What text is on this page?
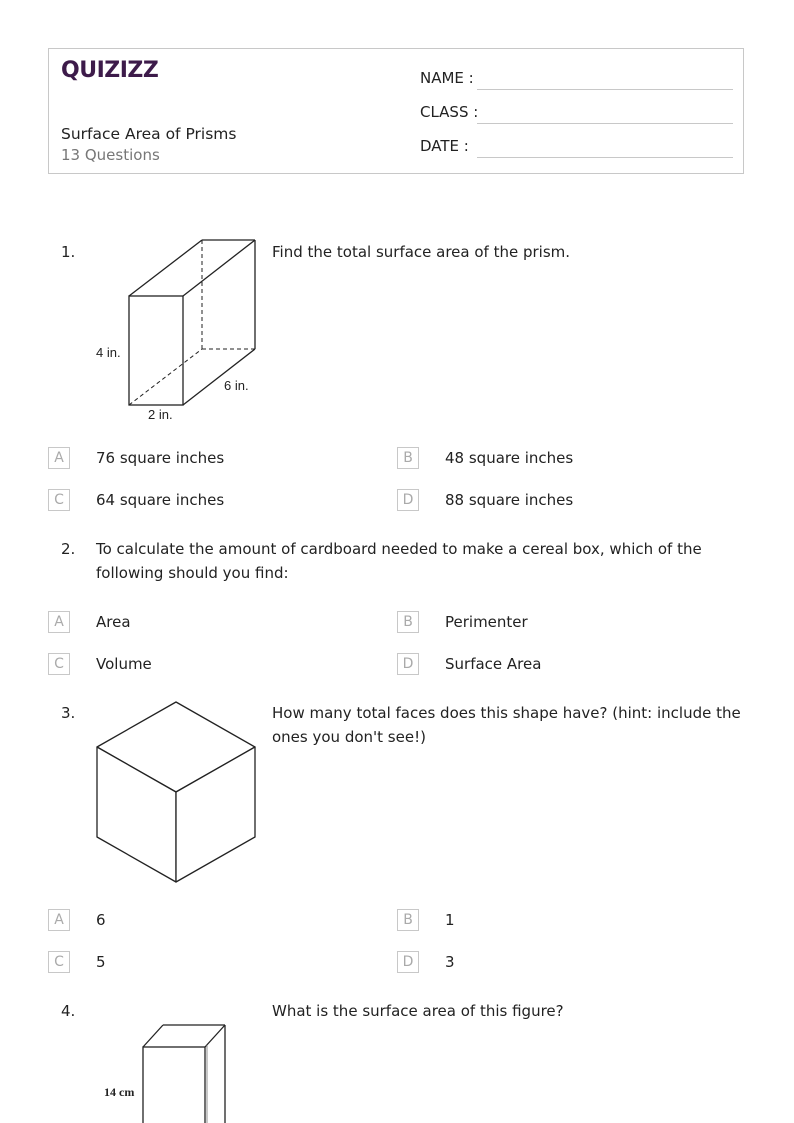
QUIZIZZ
Surface Area of Prisms
13 Questions
NAME :
CLASS :
DATE :
1.	Find the total surface area of the prism.
4 in.
6 in.
2 in.
A	76 square inches	B	48 square inches
C	64 square inches	D	88 square inches
2. To calculate the amount of cardboard needed to make a cereal box, which of the
following should you find:
A	Area	B	Perimenter
C	Volume	D	Surface Area
3.	How many total faces does this shape have? (hint: include the
ones you don't see!)
A	6	B	1
C	5	D	3
4.	What is the surface area of this figure?
14 cm
